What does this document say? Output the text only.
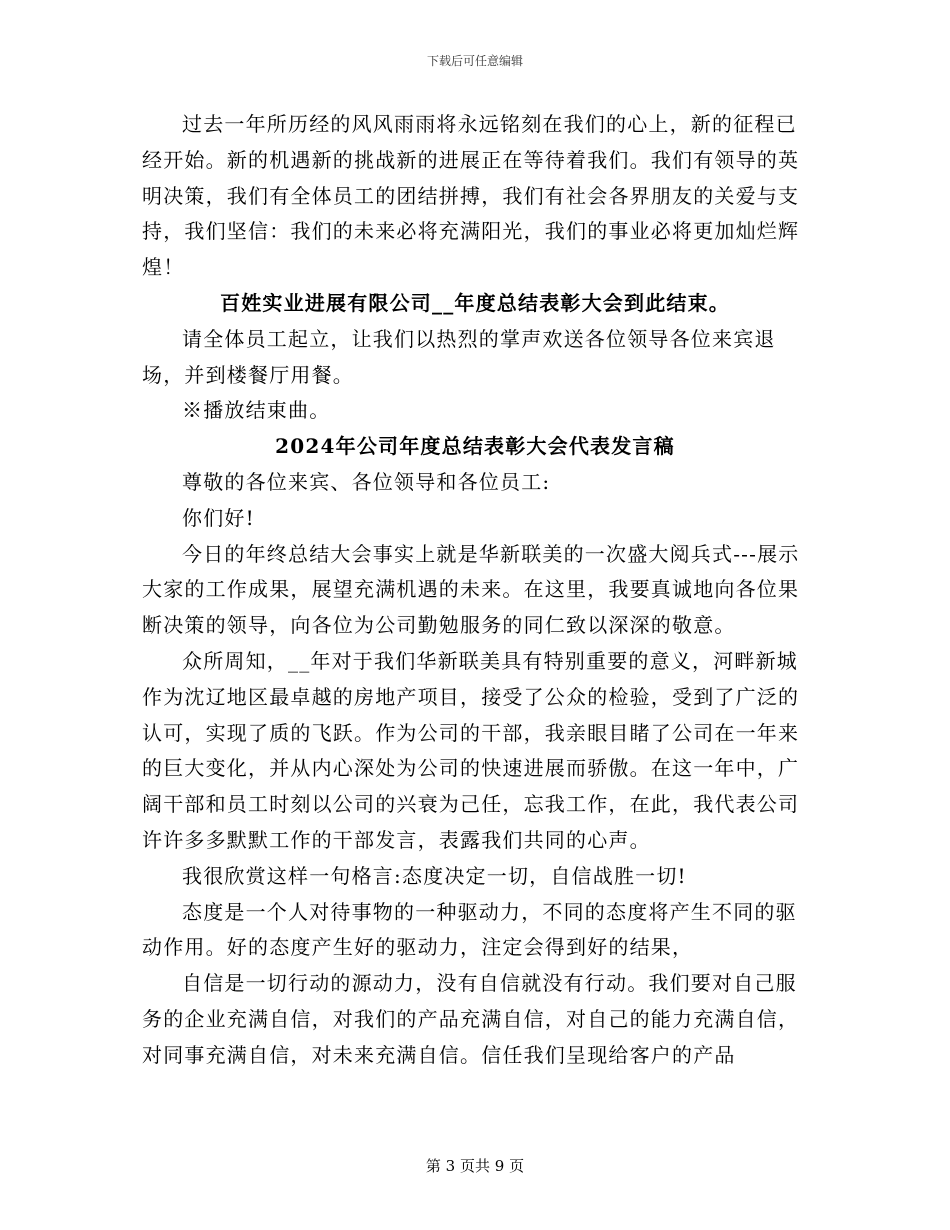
下载后可任意编辑

过去一年所历经的风风雨雨将永远铭刻在我们的心上，新的征程已经开始。新的机遇新的挑战新的进展正在等待着我们。我们有领导的英明决策，我们有全体员工的团结拼搏，我们有社会各界朋友的关爱与支持，我们坚信：我们的未来必将充满阳光，我们的事业必将更加灿烂辉煌！

百姓实业进展有限公司__年度总结表彰大会到此结束。

请全体员工起立，让我们以热烈的掌声欢送各位领导各位来宾退场，并到楼餐厅用餐。

※播放结束曲。

2024年公司年度总结表彰大会代表发言稿

尊敬的各位来宾、各位领导和各位员工:

你们好!

今日的年终总结大会事实上就是华新联美的一次盛大阅兵式---展示大家的工作成果，展望充满机遇的未来。在这里，我要真诚地向各位果断决策的领导，向各位为公司勤勉服务的同仁致以深深的敬意。

众所周知，__年对于我们华新联美具有特别重要的意义，河畔新城作为沈辽地区最卓越的房地产项目，接受了公众的检验，受到了广泛的认可，实现了质的飞跃。作为公司的干部，我亲眼目睹了公司在一年来的巨大变化，并从内心深处为公司的快速进展而骄傲。在这一年中，广阔干部和员工时刻以公司的兴衰为己任，忘我工作，在此，我代表公司许许多多默默工作的干部发言，表露我们共同的心声。

我很欣赏这样一句格言:态度决定一切，自信战胜一切!

态度是一个人对待事物的一种驱动力，不同的态度将产生不同的驱动作用。好的态度产生好的驱动力，注定会得到好的结果，

自信是一切行动的源动力，没有自信就没有行动。我们要对自己服务的企业充满自信，对我们的产品充满自信，对自己的能力充满自信，对同事充满自信，对未来充满自信。信任我们呈现给客户的产品

第 3 页共 9 页
